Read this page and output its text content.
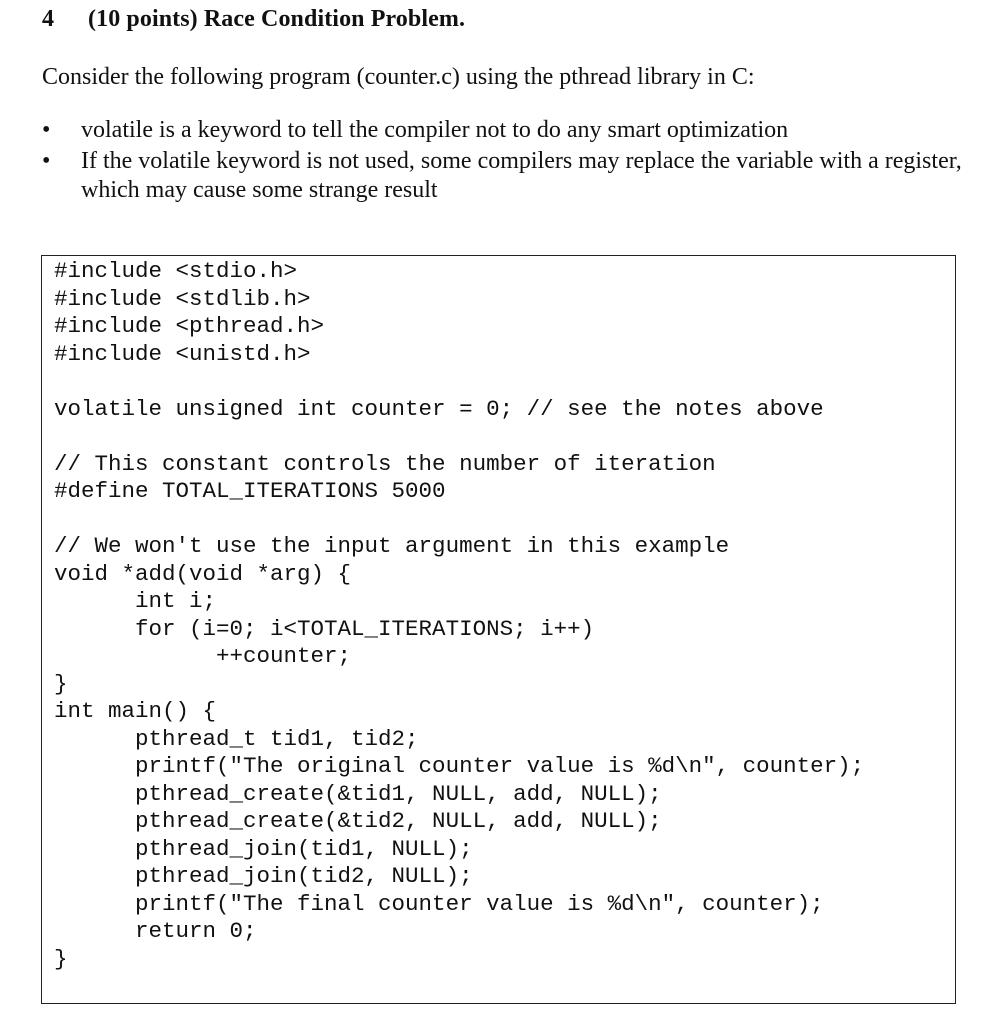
4 (10 points) Race Condition Problem.
Consider the following program (counter.c) using the pthread library in C:
•	volatile is a keyword to tell the compiler not to do any smart optimization
•	If the volatile keyword is not used, some compilers may replace the variable with a register, which may cause some strange result
#include <stdio.h>
#include <stdlib.h>
#include <pthread.h>
#include <unistd.h>
volatile unsigned int counter = 0; // see the notes above
// This constant controls the number of iteration
#define TOTAL_ITERATIONS 5000
// We won't use the input argument in this example
void *add(void *arg) {
int i;
for (i=0; i<TOTAL_ITERATIONS; i++)
++counter;
}
int main() {
pthread_t tid1, tid2;
printf("The original counter value is %d\n", counter);
pthread_create(&tid1, NULL, add, NULL);
pthread_create(&tid2, NULL, add, NULL);
pthread_join(tid1, NULL);
pthread_join(tid2, NULL);
printf("The final counter value is %d\n", counter);
return 0;
}
